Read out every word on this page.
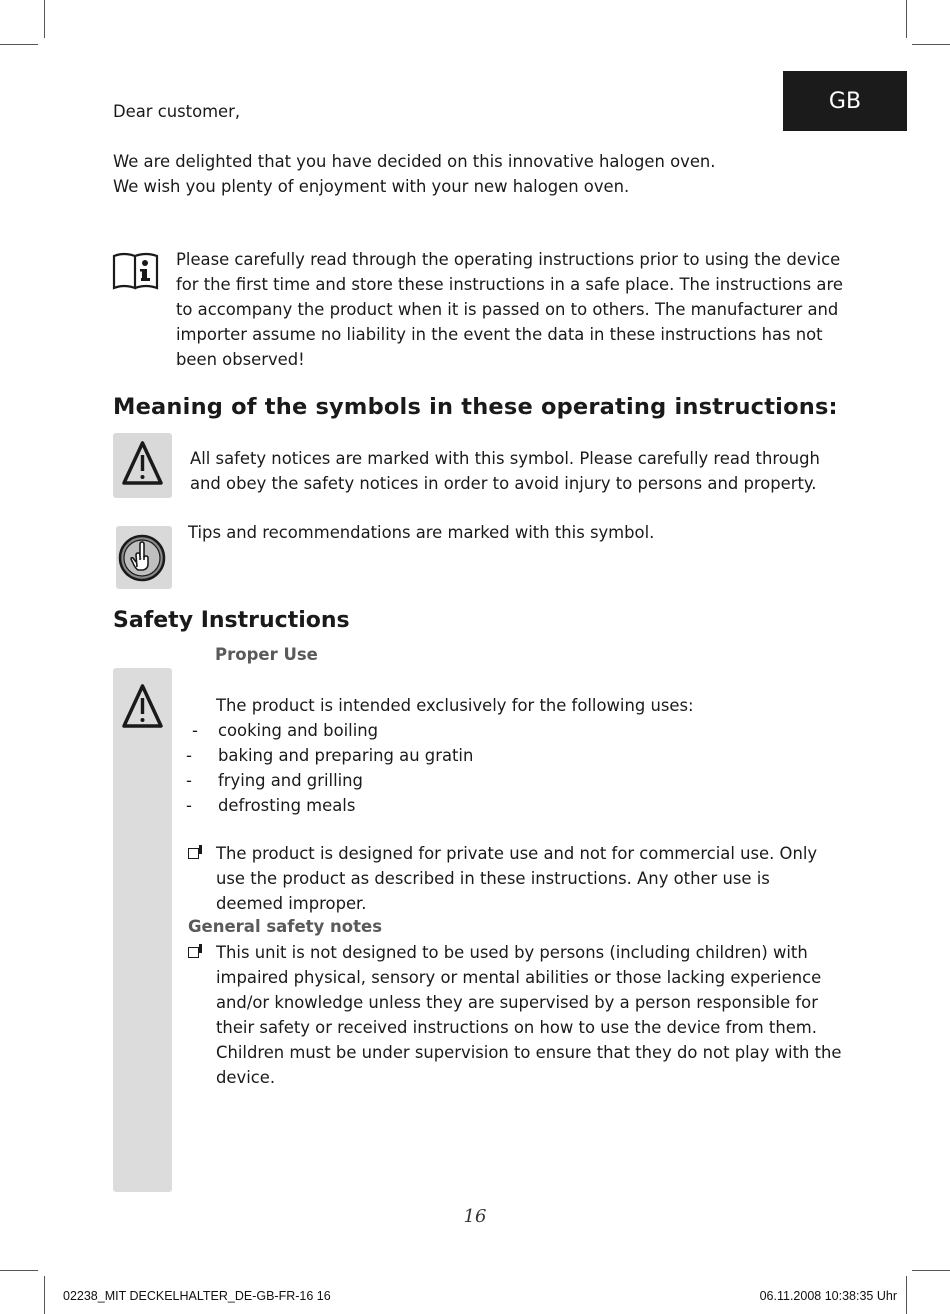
GB
Dear customer,
We are delighted that you have decided on this innovative halogen oven.
We wish you plenty of enjoyment with your new halogen oven.
Please carefully read through the operating instructions prior to using the device for the first time and store these instructions in a safe place. The instructions are to accompany the product when it is passed on to others. The manufacturer and importer assume no liability in the event the data in these instructions has not been observed!
Meaning of the symbols in these operating instructions:
All safety notices are marked with this symbol. Please carefully read through and obey the safety notices in order to avoid injury to persons and property.
Tips and recommendations are marked with this symbol.
Safety Instructions
Proper Use
The product is intended exclusively for the following uses:
- cooking and boiling
- baking and preparing au gratin
- frying and grilling
- defrosting meals
The product is designed for private use and not for commercial use. Only use the product as described in these instructions. Any other use is deemed improper.
General safety notes
This unit is not designed to be used by persons (including children) with impaired physical, sensory or mental abilities or those lacking experience and/or knowledge unless they are supervised by a person responsible for their safety or received instructions on how to use the device from them. Children must be under supervision to ensure that they do not play with the device.
16
02238_MIT DECKELHALTER_DE-GB-FR-16 16	06.11.2008 10:38:35 Uhr
